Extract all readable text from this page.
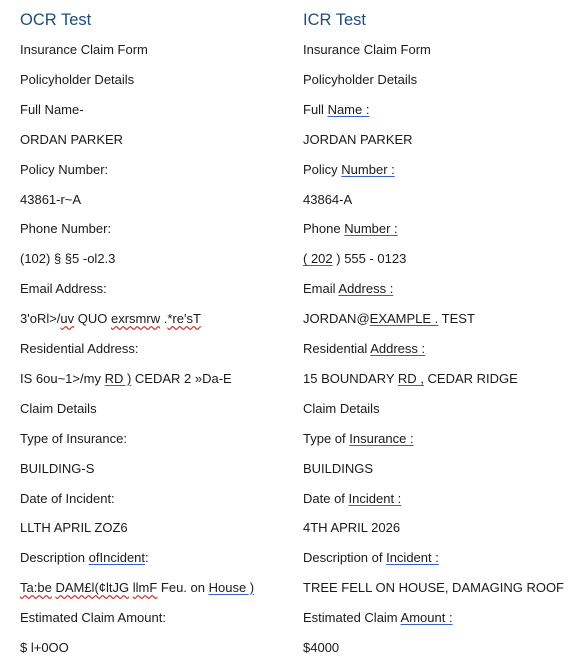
OCR Test
Insurance Claim Form
Policyholder Details
Full Name-
ORDAN PARKER
Policy Number:
43861-r~A
Phone Number:
(102) § §5 -ol2.3
Email Address:
3'oRl>/uv QUO exrsmrw .*re'sT
Residential Address:
IS 6ou~1>/my RD ) CEDAR 2 »Da-E
Claim Details
Type of Insurance:
BUILDING-S
Date of Incident:
LLTH APRIL ZOZ6
Description ofIncident:
Ta:be DAM£l(¢ltJG llmF Feu. on House )
Estimated Claim Amount:
$ l+0OO
ICR Test
Insurance Claim Form
Policyholder Details
Full Name :
JORDAN PARKER
Policy Number :
43864-A
Phone Number :
( 202 ) 555 - 0123
Email Address :
JORDAN@EXAMPLE . TEST
Residential Address :
15 BOUNDARY RD , CEDAR RIDGE
Claim Details
Type of Insurance :
BUILDINGS
Date of Incident :
4TH APRIL 2026
Description of Incident :
TREE FELL ON HOUSE, DAMAGING ROOF
Estimated Claim Amount :
$4000
